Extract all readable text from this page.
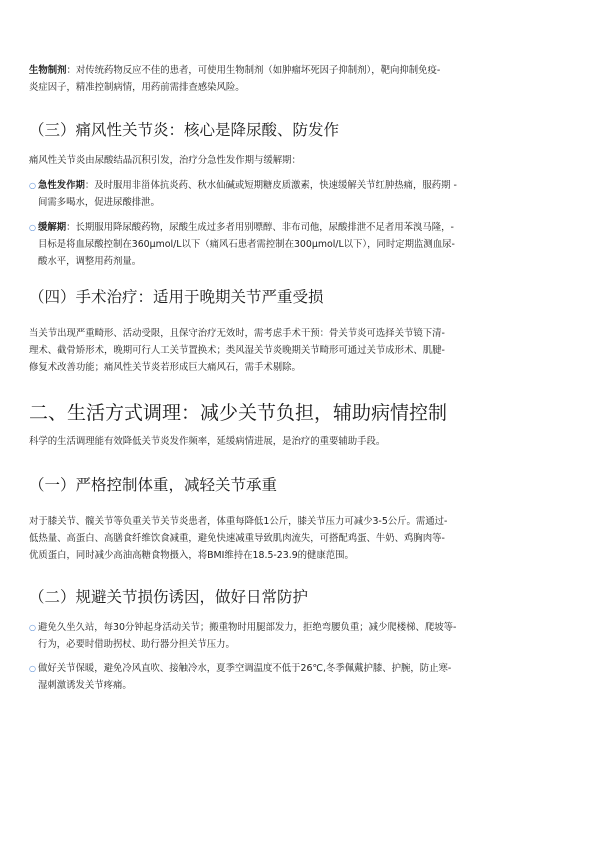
生物制剂：对传统药物反应不佳的患者，可使用生物制剂（如肿瘤坏死因子抑制剂），靶向抑制免疫-
炎症因子，精准控制病情，用药前需排查感染风险。

（三）痛风性关节炎：核心是降尿酸、防发作

痛风性关节炎由尿酸结晶沉积引发，治疗分急性发作期与缓解期：

○ 急性发作期：及时服用非甾体抗炎药、秋水仙碱或短期糖皮质激素，快速缓解关节红肿热痛，服药期 -
间需多喝水，促进尿酸排泄。
○ 缓解期：长期服用降尿酸药物，尿酸生成过多者用别嘌醇、非布司他，尿酸排泄不足者用苯溴马隆，-
目标是将血尿酸控制在360μmol/L以下（痛风石患者需控制在300μmol/L以下），同时定期监测血尿-
酸水平，调整用药剂量。
（四）手术治疗：适用于晚期关节严重受损

当关节出现严重畸形、活动受限，且保守治疗无效时，需考虑手术干预：骨关节炎可选择关节镜下清-
理术、截骨矫形术，晚期可行人工关节置换术；类风湿关节炎晚期关节畸形可通过关节成形术、肌腱-
修复术改善功能；痛风性关节炎若形成巨大痛风石，需手术剔除。

二、生活方式调理：减少关节负担，辅助病情控制

科学的生活调理能有效降低关节炎发作频率，延缓病情进展，是治疗的重要辅助手段。

（一）严格控制体重，减轻关节承重

对于膝关节、髋关节等负重关节关节炎患者，体重每降低1公斤，膝关节压力可减少3-5公斤。需通过-
低热量、高蛋白、高膳食纤维饮食减重，避免快速减重导致肌肉流失，可搭配鸡蛋、牛奶、鸡胸肉等-
优质蛋白，同时减少高油高糖食物摄入，将BMI维持在18.5-23.9的健康范围。

（二）规避关节损伤诱因，做好日常防护
○ 避免久坐久站，每30分钟起身活动关节；搬重物时用腿部发力，拒绝弯腰负重；减少爬楼梯、爬坡等-
行为，必要时借助拐杖、助行器分担关节压力。
○ 做好关节保暖，避免冷风直吹、接触冷水，夏季空调温度不低于26℃,冬季佩戴护膝、护腕，防止寒-
湿刺激诱发关节疼痛。
